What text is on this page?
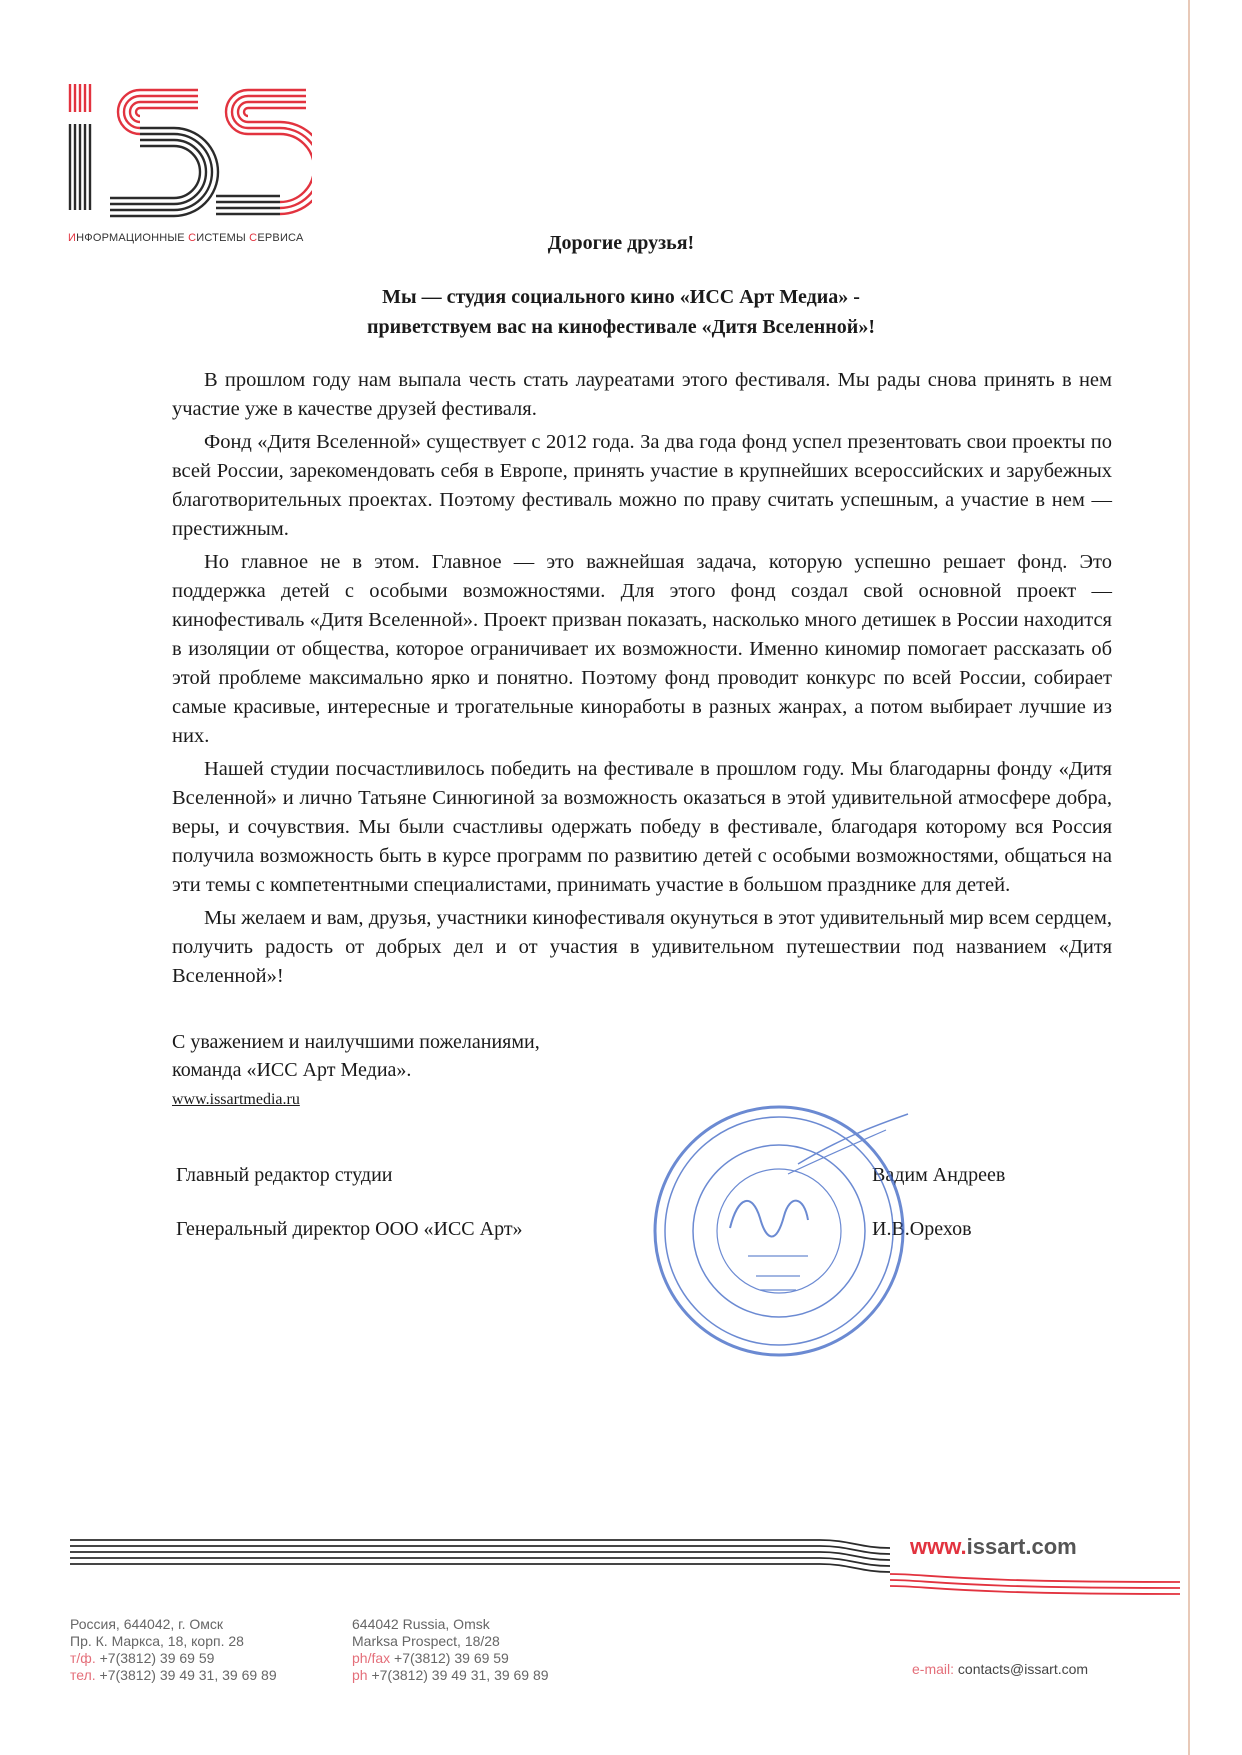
ИНФОРМАЦИОННЫЕ СИСТЕМЫ СЕРВИСА	Дорогие друзья!
Мы — студия социального кино «ИСС Арт Медиа» -
приветствуем вас на кинофестивале «Дитя Вселенной»!

В прошлом году нам выпала честь стать лауреатами этого фестиваля. Мы рады снова принять в нем участие уже в качестве друзей фестиваля.

Фонд «Дитя Вселенной» существует с 2012 года. За два года фонд успел презентовать свои проекты по всей России, зарекомендовать себя в Европе, принять участие в крупнейших всероссийских и зарубежных благотворительных проектах. Поэтому фестиваль можно по праву считать успешным, а участие в нем — престижным.

Но главное не в этом. Главное — это важнейшая задача, которую успешно решает фонд. Это поддержка детей с особыми возможностями. Для этого фонд создал свой основной проект — кинофестиваль «Дитя Вселенной». Проект призван показать, насколько много детишек в России находится в изоляции от общества, которое ограничивает их возможности. Именно киномир помогает рассказать об этой проблеме максимально ярко и понятно. Поэтому фонд проводит конкурс по всей России, собирает самые красивые, интересные и трогательные киноработы в разных жанрах, а потом выбирает лучшие из них.

Нашей студии посчастливилось победить на фестивале в прошлом году. Мы благодарны фонду «Дитя Вселенной» и лично Татьяне Синюгиной за возможность оказаться в этой удивительной атмосфере добра, веры, и сочувствия. Мы были счастливы одержать победу в фестивале, благодаря которому вся Россия получила возможность быть в курсе программ по развитию детей с особыми возможностями, общаться на эти темы с компетентными специалистами, принимать участие в большом празднике для детей.

Мы желаем и вам, друзья, участники кинофестиваля окунуться в этот удивительный мир всем сердцем, получить радость от добрых дел и от участия в удивительном путешествии под названием «Дитя Вселенной»!

С уважением и наилучшими пожеланиями,
команда «ИСС Арт Медиа».
www.issartmedia.ru
Главный редактор студии	Вадим Андреев
Генеральный директор ООО «ИСС Арт»	И.В.Орехов
www.issart.com
Россия, 644042, г. Омск
Пр. К. Маркса, 18, корп. 28
т/ф. +7(3812) 39 69 59
тел. +7(3812) 39 49 31, 39 69 89
644042 Russia, Omsk
Marksa Prospect, 18/28
ph/fax +7(3812) 39 69 59
ph +7(3812) 39 49 31, 39 69 89	e-mail: contacts@issart.com
